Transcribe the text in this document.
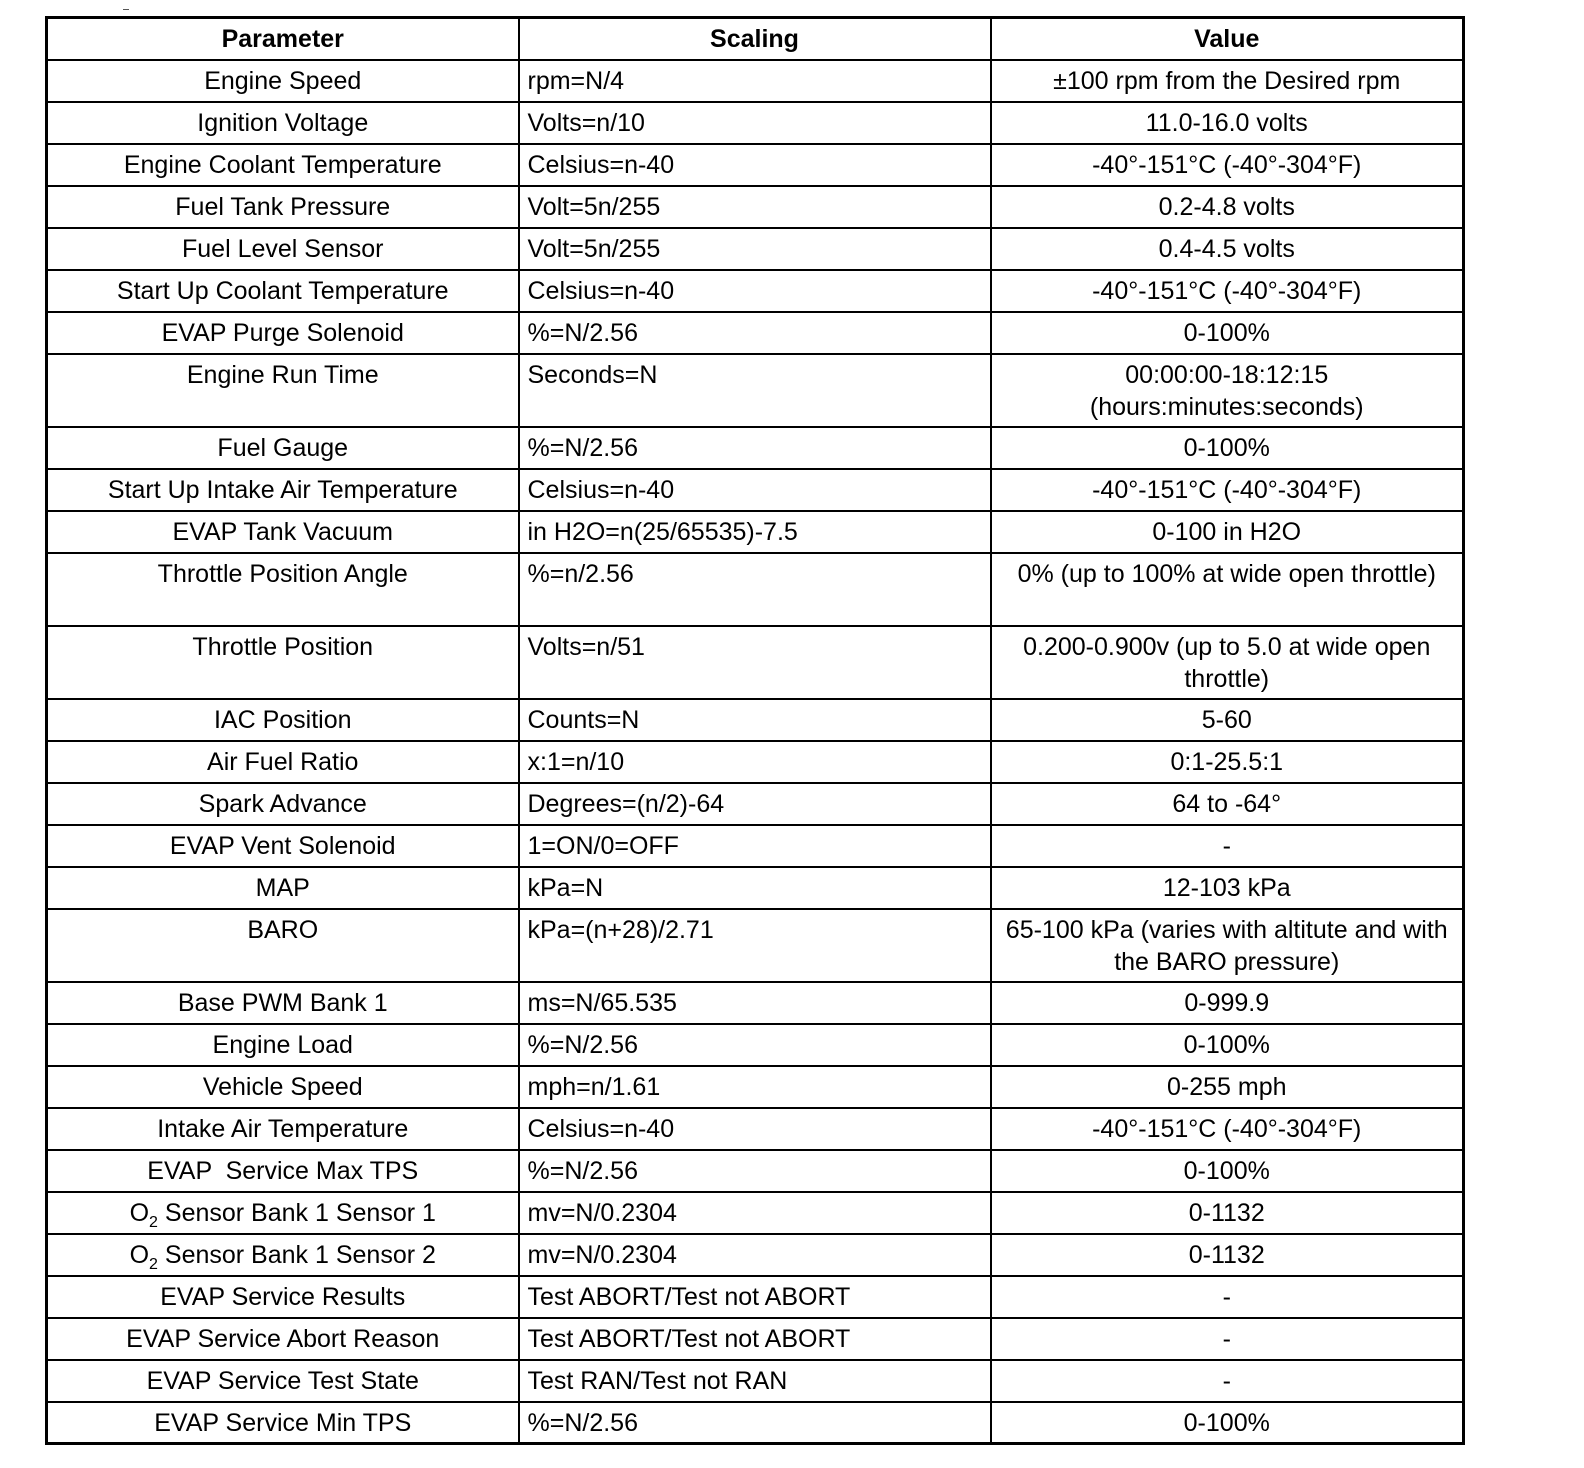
Parameter	Scaling	Value
Engine Speed	rpm=N/4	±100 rpm from the Desired rpm
Ignition Voltage	Volts=n/10	11.0-16.0 volts
Engine Coolant Temperature	Celsius=n-40	-40°-151°C (-40°-304°F)
Fuel Tank Pressure	Volt=5n/255	0.2-4.8 volts
Fuel Level Sensor	Volt=5n/255	0.4-4.5 volts
Start Up Coolant Temperature	Celsius=n-40	-40°-151°C (-40°-304°F)
EVAP Purge Solenoid	%=N/2.56	0-100%
Engine Run Time	Seconds=N	00:00:00-18:12:15 (hours:minutes:seconds)
Fuel Gauge	%=N/2.56	0-100%
Start Up Intake Air Temperature	Celsius=n-40	-40°-151°C (-40°-304°F)
EVAP Tank Vacuum	in H2O=n(25/65535)-7.5	0-100 in H2O
Throttle Position Angle	%=n/2.56	0% (up to 100% at wide open throttle)
Throttle Position	Volts=n/51	0.200-0.900v (up to 5.0 at wide open throttle)
IAC Position	Counts=N	5-60
Air Fuel Ratio	x:1=n/10	0:1-25.5:1
Spark Advance	Degrees=(n/2)-64	64 to -64°
EVAP Vent Solenoid	1=ON/0=OFF	-
MAP	kPa=N	12-103 kPa
BARO	kPa=(n+28)/2.71	65-100 kPa (varies with altitute and with the BARO pressure)
Base PWM Bank 1	ms=N/65.535	0-999.9
Engine Load	%=N/2.56	0-100%
Vehicle Speed	mph=n/1.61	0-255 mph
Intake Air Temperature	Celsius=n-40	-40°-151°C (-40°-304°F)
EVAP  Service Max TPS	%=N/2.56	0-100%
$O_2$ Sensor Bank 1 Sensor 1	mv=N/0.2304	0-1132
$O_2$ Sensor Bank 1 Sensor 2	mv=N/0.2304	0-1132
EVAP Service Results	Test ABORT/Test not ABORT	-
EVAP Service Abort Reason	Test ABORT/Test not ABORT	-
EVAP Service Test State	Test RAN/Test not RAN	-
EVAP Service Min TPS	%=N/2.56	0-100%
